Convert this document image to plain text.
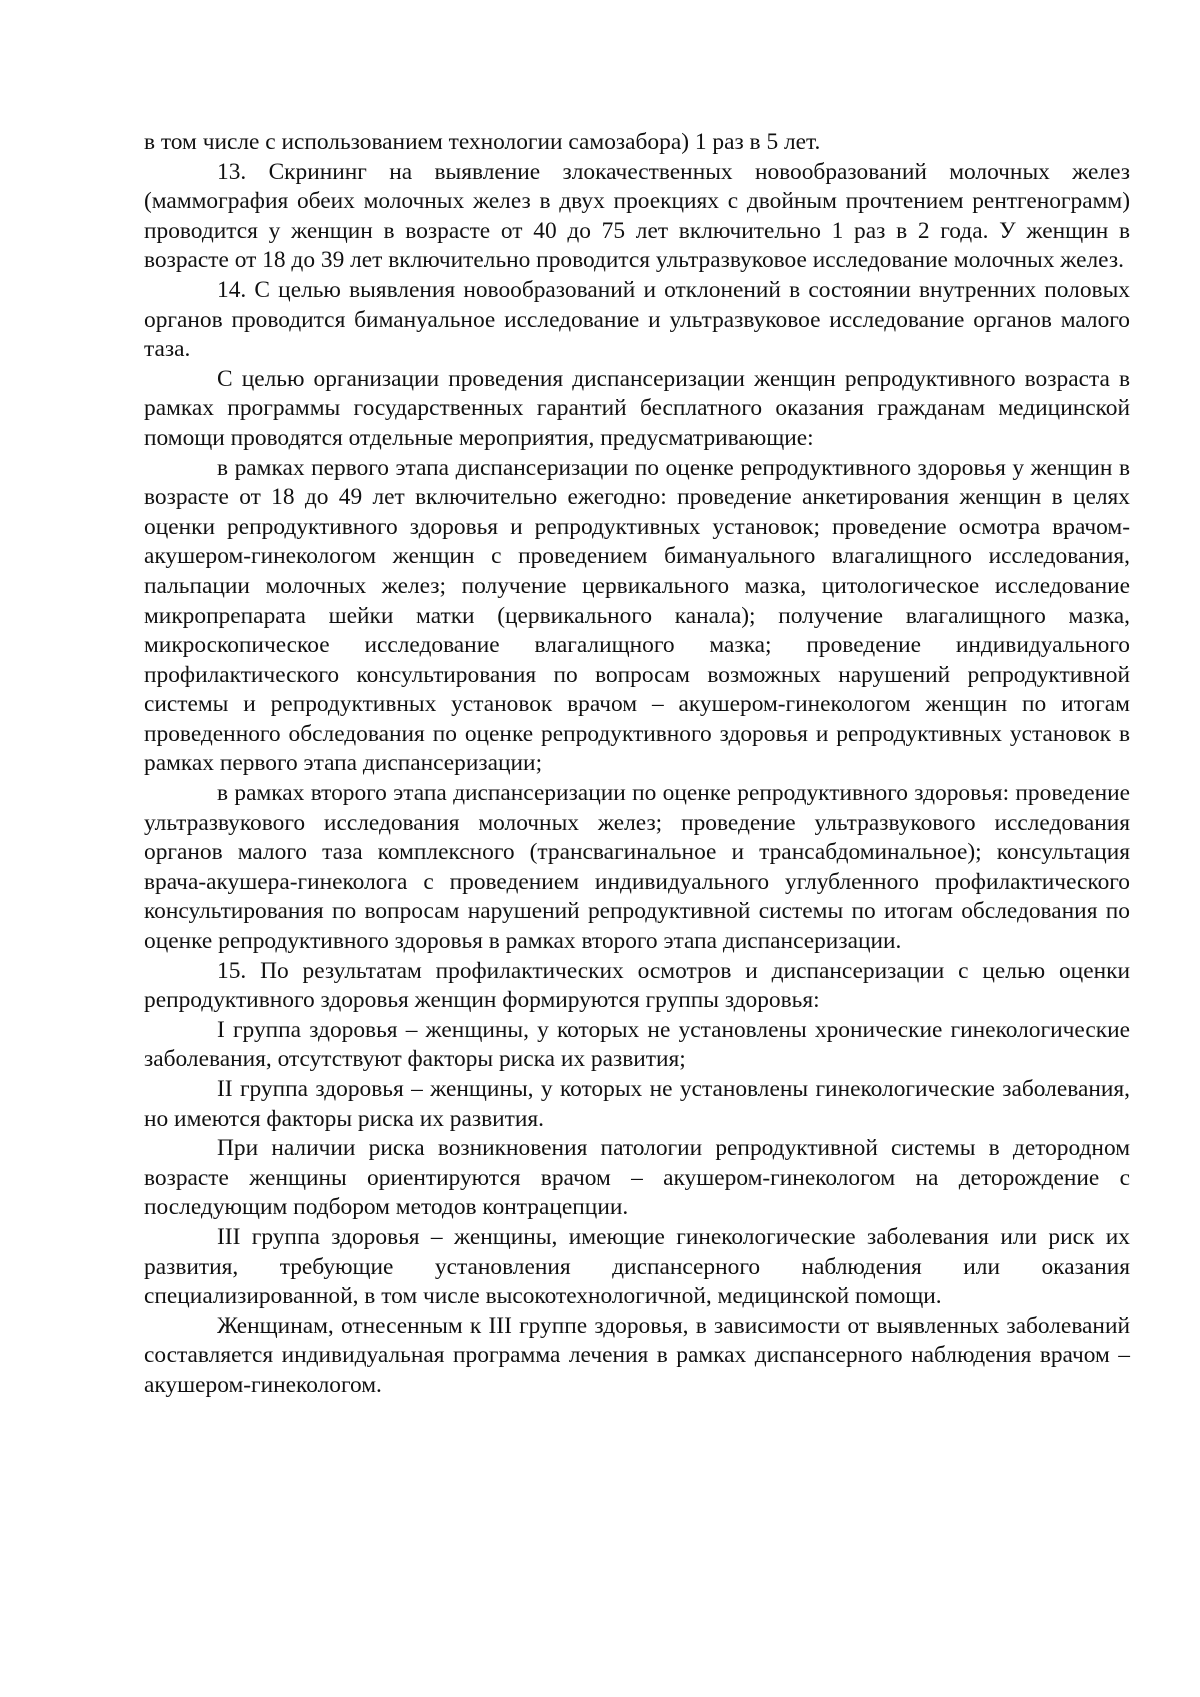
в том числе с использованием технологии самозабора) 1 раз в 5 лет.

13. Скрининг на выявление злокачественных новообразований молочных желез (маммография обеих молочных желез в двух проекциях с двойным прочтением рентгенограмм) проводится у женщин в возрасте от 40 до 75 лет включительно 1 раз в 2 года. У женщин в возрасте от 18 до 39 лет включительно проводится ультразвуковое исследование молочных желез.

14. С целью выявления новообразований и отклонений в состоянии внутренних половых органов проводится бимануальное исследование и ультразвуковое исследование органов малого таза.

С целью организации проведения диспансеризации женщин репродуктивного возраста в рамках программы государственных гарантий бесплатного оказания гражданам медицинской помощи проводятся отдельные мероприятия, предусматривающие:

в рамках первого этапа диспансеризации по оценке репродуктивного здоровья у женщин в возрасте от 18 до 49 лет включительно ежегодно: проведение анкетирования женщин в целях оценки репродуктивного здоровья и репродуктивных установок; проведение осмотра врачом-акушером-гинекологом женщин с проведением бимануального влагалищного исследования, пальпации молочных желез; получение цервикального мазка, цитологическое исследование микропрепарата шейки матки (цервикального канала); получение влагалищного мазка, микроскопическое исследование влагалищного мазка; проведение индивидуального профилактического консультирования по вопросам возможных нарушений репродуктивной системы и репродуктивных установок врачом – акушером-гинекологом женщин по итогам проведенного обследования по оценке репродуктивного здоровья и репродуктивных установок в рамках первого этапа диспансеризации;

в рамках второго этапа диспансеризации по оценке репродуктивного здоровья: проведение ультразвукового исследования молочных желез; проведение ультразвукового исследования органов малого таза комплексного (трансвагинальное и трансабдоминальное); консультация врача-акушера-гинеколога с проведением индивидуального углубленного профилактического консультирования по вопросам нарушений репродуктивной системы по итогам обследования по оценке репродуктивного здоровья в рамках второго этапа диспансеризации.

15. По результатам профилактических осмотров и диспансеризации с целью оценки репродуктивного здоровья женщин формируются группы здоровья:

I группа здоровья – женщины, у которых не установлены хронические гинекологические заболевания, отсутствуют факторы риска их развития;

II группа здоровья – женщины, у которых не установлены гинекологические заболевания, но имеются факторы риска их развития.

При наличии риска возникновения патологии репродуктивной системы в детородном возрасте женщины ориентируются врачом – акушером-гинекологом на деторождение с последующим подбором методов контрацепции.

III группа здоровья – женщины, имеющие гинекологические заболевания или риск их развития, требующие установления диспансерного наблюдения или оказания специализированной, в том числе высокотехнологичной, медицинской помощи.

Женщинам, отнесенным к III группе здоровья, в зависимости от выявленных заболеваний составляется индивидуальная программа лечения в рамках диспансерного наблюдения врачом – акушером-гинекологом.
